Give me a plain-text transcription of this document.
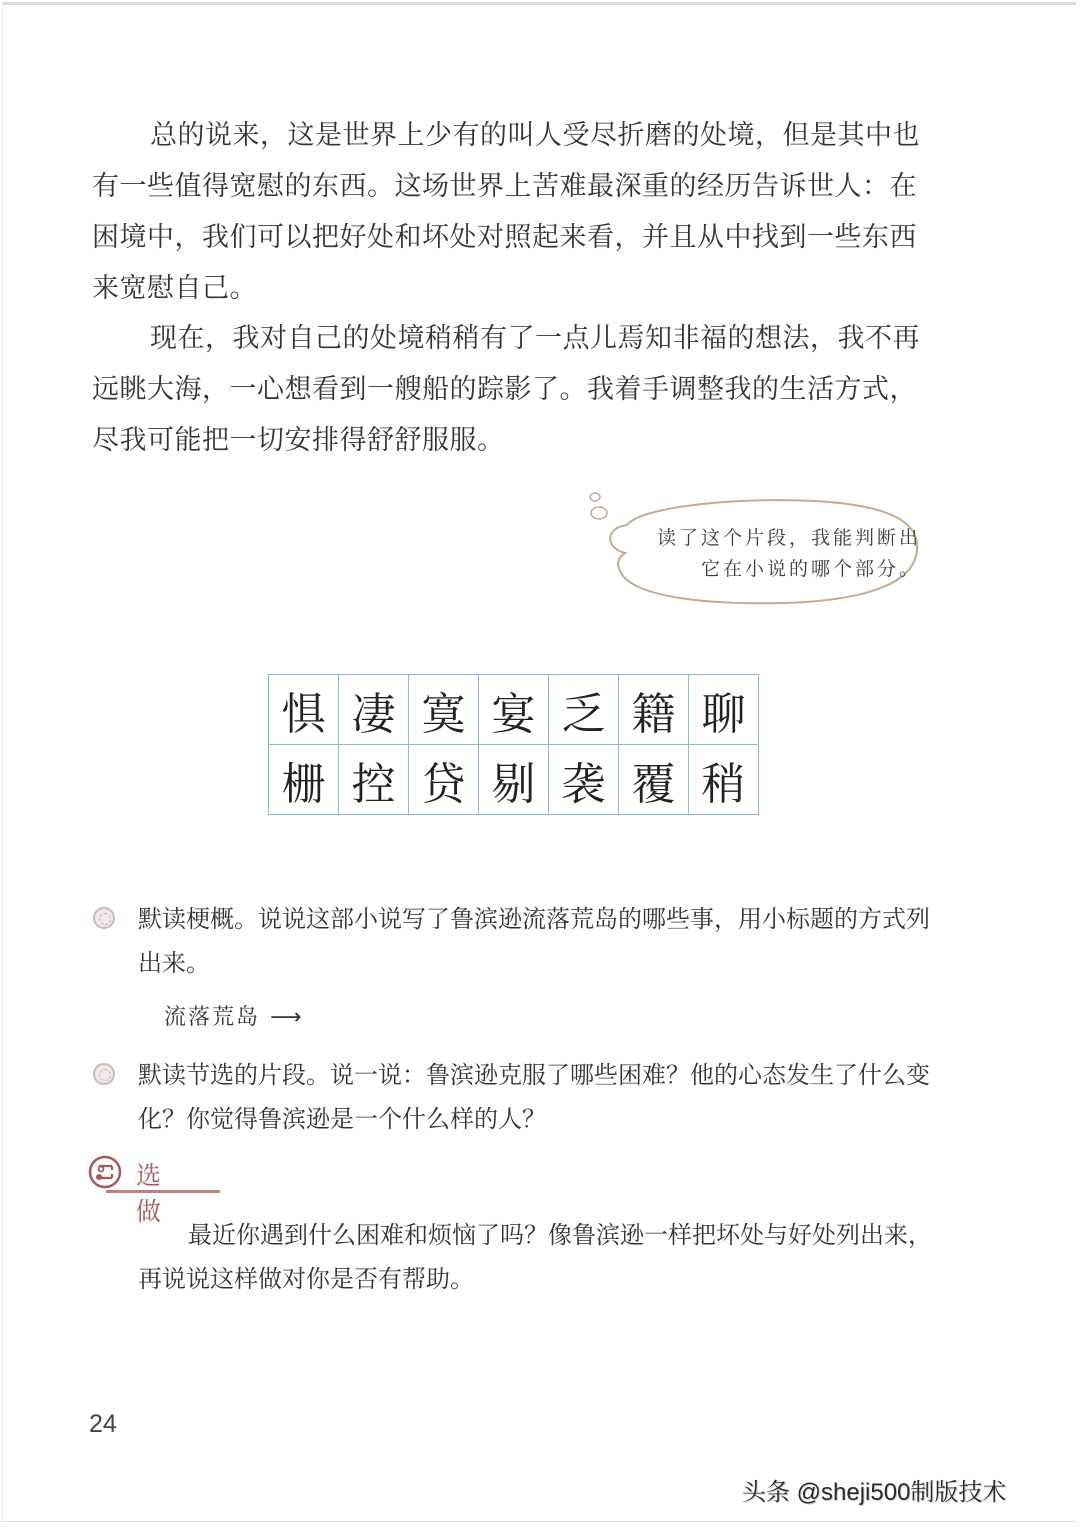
总的说来，这是世界上少有的叫人受尽折磨的处境，但是其中也有一些值得宽慰的东西。这场世界上苦难最深重的经历告诉世人：在困境中，我们可以把好处和坏处对照起来看，并且从中找到一些东西来宽慰自己。

现在，我对自己的处境稍稍有了一点儿焉知非福的想法，我不再远眺大海，一心想看到一艘船的踪影了。我着手调整我的生活方式，尽我可能把一切安排得舒舒服服。

读了这个片段，我能判断出它在小说的哪个部分。
惧	凄	寞	宴	乏	籍	聊
栅	控	贷	剔	袭	覆	稍

默读梗概。说说这部小说写了鲁滨逊流落荒岛的哪些事，用小标题的方式列出来。

流落荒岛 ⟶

默读节选的片段。说一说：鲁滨逊克服了哪些困难？他的心态发生了什么变化？你觉得鲁滨逊是一个什么样的人？

选做

最近你遇到什么困难和烦恼了吗？像鲁滨逊一样把坏处与好处列出来，再说说这样做对你是否有帮助。

24
头条 @sheji500制版技术
